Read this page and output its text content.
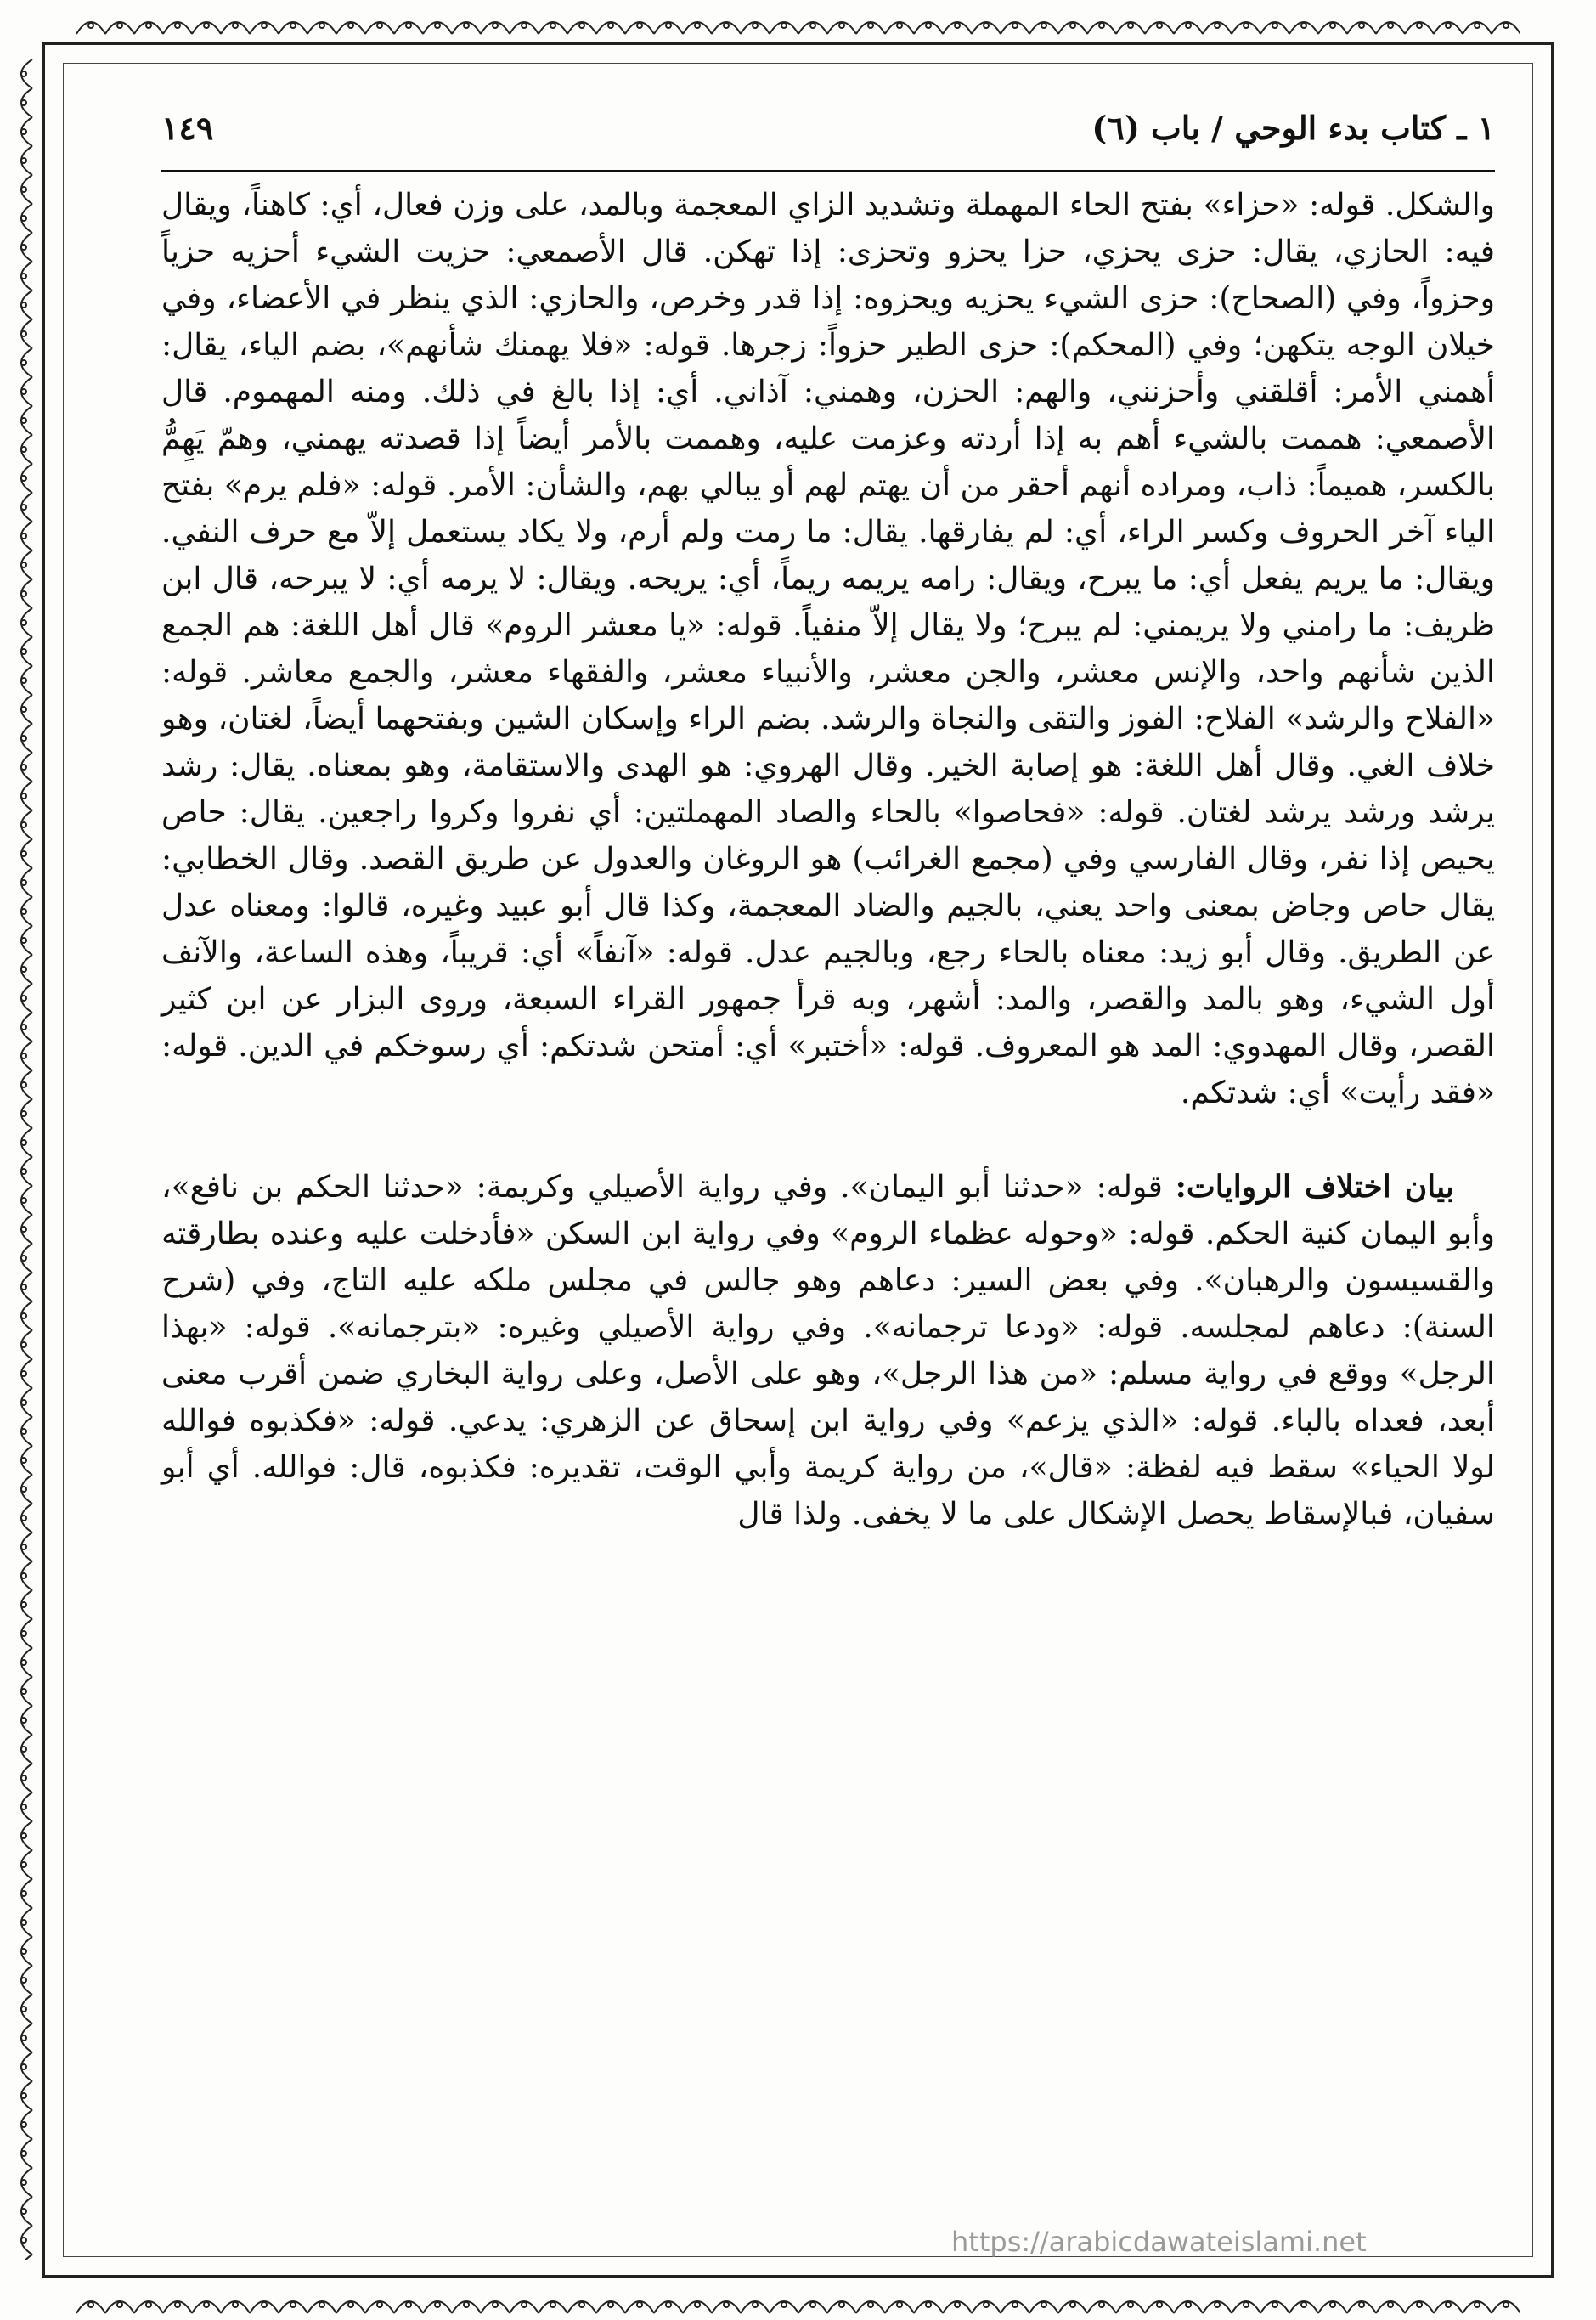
١ ـ كتاب بدء الوحي / باب (٦)
١٤٩

والشكل. قوله: «حزاء» بفتح الحاء المهملة وتشديد الزاي المعجمة وبالمد، على وزن فعال، أي: كاهناً، ويقال فيه: الحازي، يقال: حزى يحزي، حزا يحزو وتحزى: إذا تهكن. قال الأصمعي: حزيت الشيء أحزيه حزياً وحزواً، وفي (الصحاح): حزى الشيء يحزيه ويحزوه: إذا قدر وخرص، والحازي: الذي ينظر في الأعضاء، وفي خيلان الوجه يتكهن؛ وفي (المحكم): حزى الطير حزواً: زجرها. قوله: «فلا يهمنك شأنهم»، بضم الياء، يقال: أهمني الأمر: أقلقني وأحزنني، والهم: الحزن، وهمني: آذاني. أي: إذا بالغ في ذلك. ومنه المهموم. قال الأصمعي: هممت بالشيء أهم به إذا أردته وعزمت عليه، وهممت بالأمر أيضاً إذا قصدته يهمني، وهمّ يَهِمُّ بالكسر، هميماً: ذاب، ومراده أنهم أحقر من أن يهتم لهم أو يبالي بهم، والشأن: الأمر. قوله: «فلم يرم» بفتح الياء آخر الحروف وكسر الراء، أي: لم يفارقها. يقال: ما رمت ولم أرم، ولا يكاد يستعمل إلاّ مع حرف النفي. ويقال: ما يريم يفعل أي: ما يبرح، ويقال: رامه يريمه ريماً، أي: يريحه. ويقال: لا يرمه أي: لا يبرحه، قال ابن ظريف: ما رامني ولا يريمني: لم يبرح؛ ولا يقال إلاّ منفياً. قوله: «يا معشر الروم» قال أهل اللغة: هم الجمع الذين شأنهم واحد، والإنس معشر، والجن معشر، والأنبياء معشر، والفقهاء معشر، والجمع معاشر. قوله: «الفلاح والرشد» الفلاح: الفوز والتقى والنجاة والرشد. بضم الراء وإسكان الشين وبفتحهما أيضاً، لغتان، وهو خلاف الغي. وقال أهل اللغة: هو إصابة الخير. وقال الهروي: هو الهدى والاستقامة، وهو بمعناه. يقال: رشد يرشد ورشد يرشد لغتان. قوله: «فحاصوا» بالحاء والصاد المهملتين: أي نفروا وكروا راجعين. يقال: حاص يحيص إذا نفر، وقال الفارسي وفي (مجمع الغرائب) هو الروغان والعدول عن طريق القصد. وقال الخطابي: يقال حاص وجاض بمعنى واحد يعني، بالجيم والضاد المعجمة، وكذا قال أبو عبيد وغيره، قالوا: ومعناه عدل عن الطريق. وقال أبو زيد: معناه بالحاء رجع، وبالجيم عدل. قوله: «آنفاً» أي: قريباً، وهذه الساعة، والآنف أول الشيء، وهو بالمد والقصر، والمد: أشهر، وبه قرأ جمهور القراء السبعة، وروى البزار عن ابن كثير القصر، وقال المهدوي: المد هو المعروف. قوله: «أختبر» أي: أمتحن شدتكم: أي رسوخكم في الدين. قوله: «فقد رأيت» أي: شدتكم.

بيان اختلاف الروايات: قوله: «حدثنا أبو اليمان». وفي رواية الأصيلي وكريمة: «حدثنا الحكم بن نافع»، وأبو اليمان كنية الحكم. قوله: «وحوله عظماء الروم» وفي رواية ابن السكن «فأدخلت عليه وعنده بطارقته والقسيسون والرهبان». وفي بعض السير: دعاهم وهو جالس في مجلس ملكه عليه التاج، وفي (شرح السنة): دعاهم لمجلسه. قوله: «ودعا ترجمانه». وفي رواية الأصيلي وغيره: «بترجمانه». قوله: «بهذا الرجل» ووقع في رواية مسلم: «من هذا الرجل»، وهو على الأصل، وعلى رواية البخاري ضمن أقرب معنى أبعد، فعداه بالباء. قوله: «الذي يزعم» وفي رواية ابن إسحاق عن الزهري: يدعي. قوله: «فكذبوه فوالله لولا الحياء» سقط فيه لفظة: «قال»، من رواية كريمة وأبي الوقت، تقديره: فكذبوه، قال: فوالله. أي أبو سفيان، فبالإسقاط يحصل الإشكال على ما لا يخفى. ولذا قال

https://arabicdawateislami.net
